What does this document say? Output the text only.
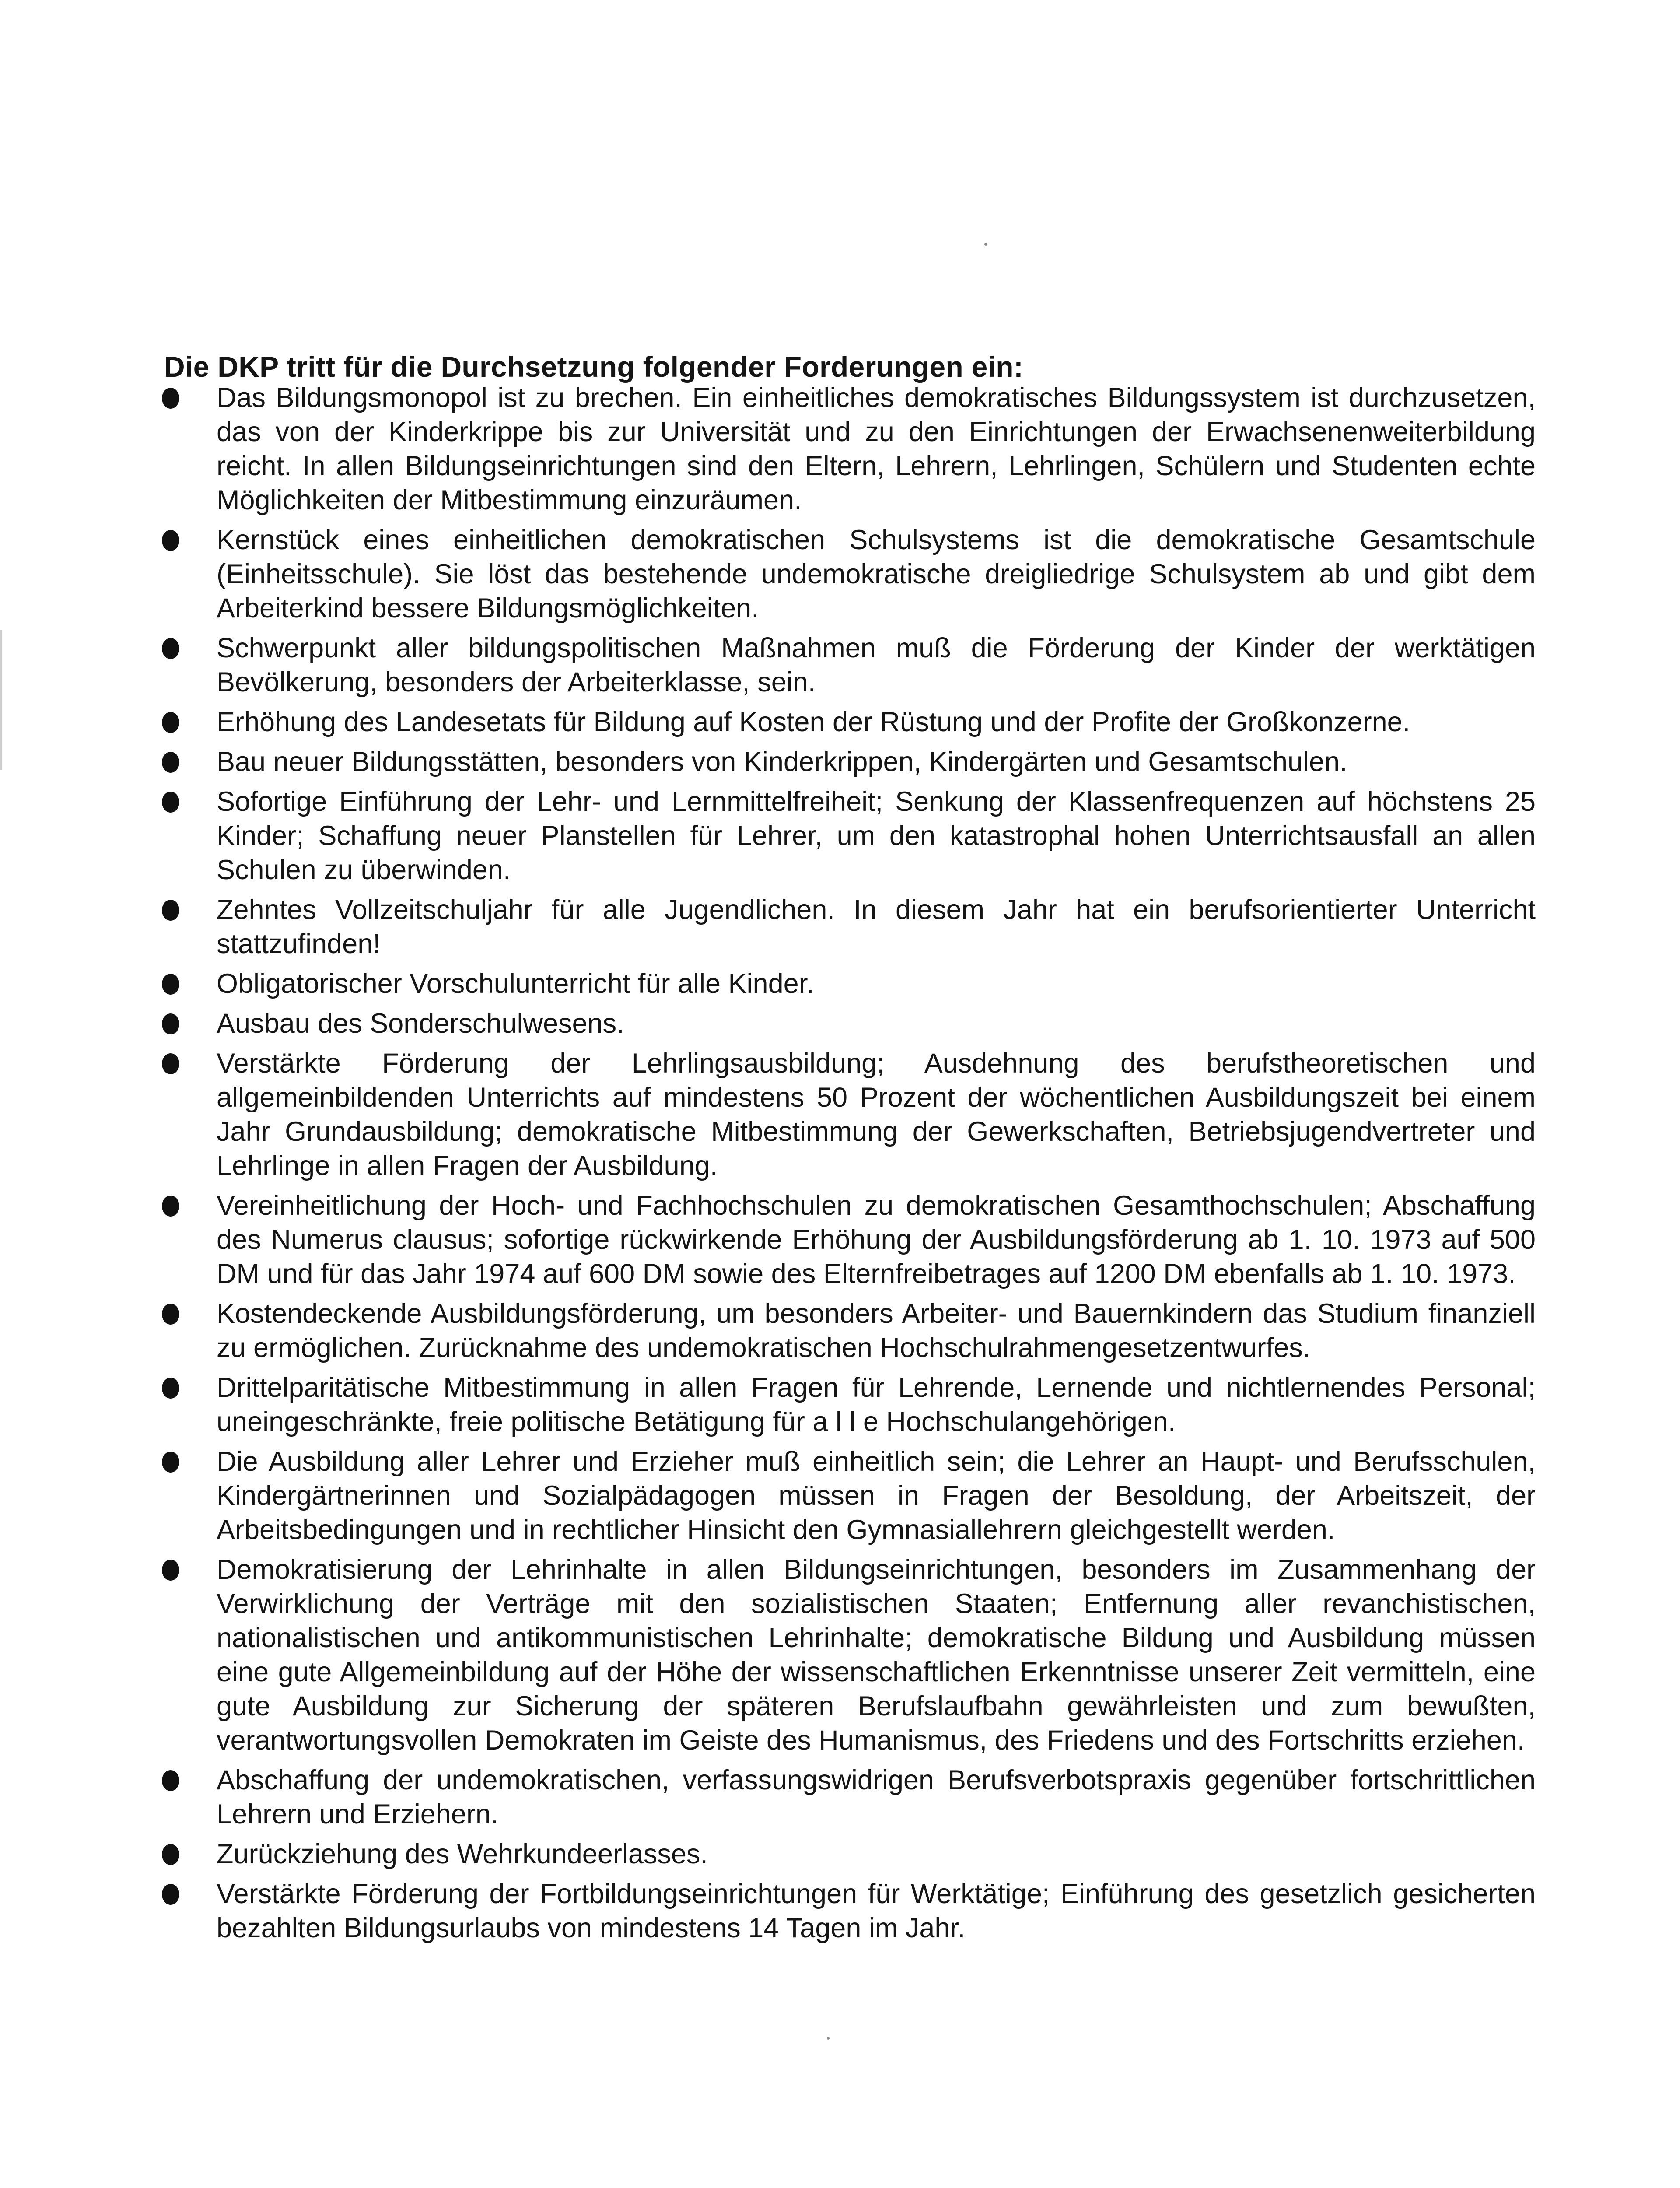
Die DKP tritt für die Durchsetzung folgender Forderungen ein:
Das Bildungsmonopol ist zu brechen. Ein einheitliches demokratisches Bildungssystem ist durchzusetzen, das von der Kinderkrippe bis zur Universität und zu den Einrichtungen der Erwachsenenweiterbildung reicht. In allen Bildungseinrichtungen sind den Eltern, Lehrern, Lehrlingen, Schülern und Studenten echte Möglichkeiten der Mitbestimmung einzuräumen.
Kernstück eines einheitlichen demokratischen Schulsystems ist die demokratische Gesamtschule (Einheitsschule). Sie löst das bestehende undemokratische dreigliedrige Schulsystem ab und gibt dem Arbeiterkind bessere Bildungsmöglichkeiten.
Schwerpunkt aller bildungspolitischen Maßnahmen muß die Förderung der Kinder der werktätigen Bevölkerung, besonders der Arbeiterklasse, sein.
Erhöhung des Landesetats für Bildung auf Kosten der Rüstung und der Profite der Großkonzerne.
Bau neuer Bildungsstätten, besonders von Kinderkrippen, Kindergärten und Gesamtschulen.
Sofortige Einführung der Lehr- und Lernmittelfreiheit; Senkung der Klassenfrequenzen auf höchstens 25 Kinder; Schaffung neuer Planstellen für Lehrer, um den katastrophal hohen Unterrichtsausfall an allen Schulen zu überwinden.
Zehntes Vollzeitschuljahr für alle Jugendlichen. In diesem Jahr hat ein berufsorientierter Unterricht stattzufinden!
Obligatorischer Vorschulunterricht für alle Kinder.
Ausbau des Sonderschulwesens.
Verstärkte Förderung der Lehrlingsausbildung; Ausdehnung des berufstheoretischen und allgemeinbildenden Unterrichts auf mindestens 50 Prozent der wöchentlichen Ausbildungszeit bei einem Jahr Grundausbildung; demokratische Mitbestimmung der Gewerkschaften, Betriebsjugendvertreter und Lehrlinge in allen Fragen der Ausbildung.
Vereinheitlichung der Hoch- und Fachhochschulen zu demokratischen Gesamthochschulen; Abschaffung des Numerus clausus; sofortige rückwirkende Erhöhung der Ausbildungsförderung ab 1. 10. 1973 auf 500 DM und für das Jahr 1974 auf 600 DM sowie des Elternfreibetrages auf 1200 DM ebenfalls ab 1. 10. 1973.
Kostendeckende Ausbildungsförderung, um besonders Arbeiter- und Bauernkindern das Studium finanziell zu ermöglichen. Zurücknahme des undemokratischen Hochschulrahmengesetzentwurfes.
Drittelparitätische Mitbestimmung in allen Fragen für Lehrende, Lernende und nichtlernendes Personal; uneingeschränkte, freie politische Betätigung für a l l e Hochschulangehörigen.
Die Ausbildung aller Lehrer und Erzieher muß einheitlich sein; die Lehrer an Haupt- und Berufsschulen, Kindergärtnerinnen und Sozialpädagogen müssen in Fragen der Besoldung, der Arbeitszeit, der Arbeitsbedingungen und in rechtlicher Hinsicht den Gymnasiallehrern gleichgestellt werden.
Demokratisierung der Lehrinhalte in allen Bildungseinrichtungen, besonders im Zusammenhang der Verwirklichung der Verträge mit den sozialistischen Staaten; Entfernung aller revanchistischen, nationalistischen und antikommunistischen Lehrinhalte; demokratische Bildung und Ausbildung müssen eine gute Allgemeinbildung auf der Höhe der wissenschaftlichen Erkenntnisse unserer Zeit vermitteln, eine gute Ausbildung zur Sicherung der späteren Berufslaufbahn gewährleisten und zum bewußten, verantwortungsvollen Demokraten im Geiste des Humanismus, des Friedens und des Fortschritts erziehen.
Abschaffung der undemokratischen, verfassungswidrigen Berufsverbotspraxis gegenüber fortschrittlichen Lehrern und Erziehern.
Zurückziehung des Wehrkundeerlasses.
Verstärkte Förderung der Fortbildungseinrichtungen für Werktätige; Einführung des gesetzlich gesicherten bezahlten Bildungsurlaubs von mindestens 14 Tagen im Jahr.
